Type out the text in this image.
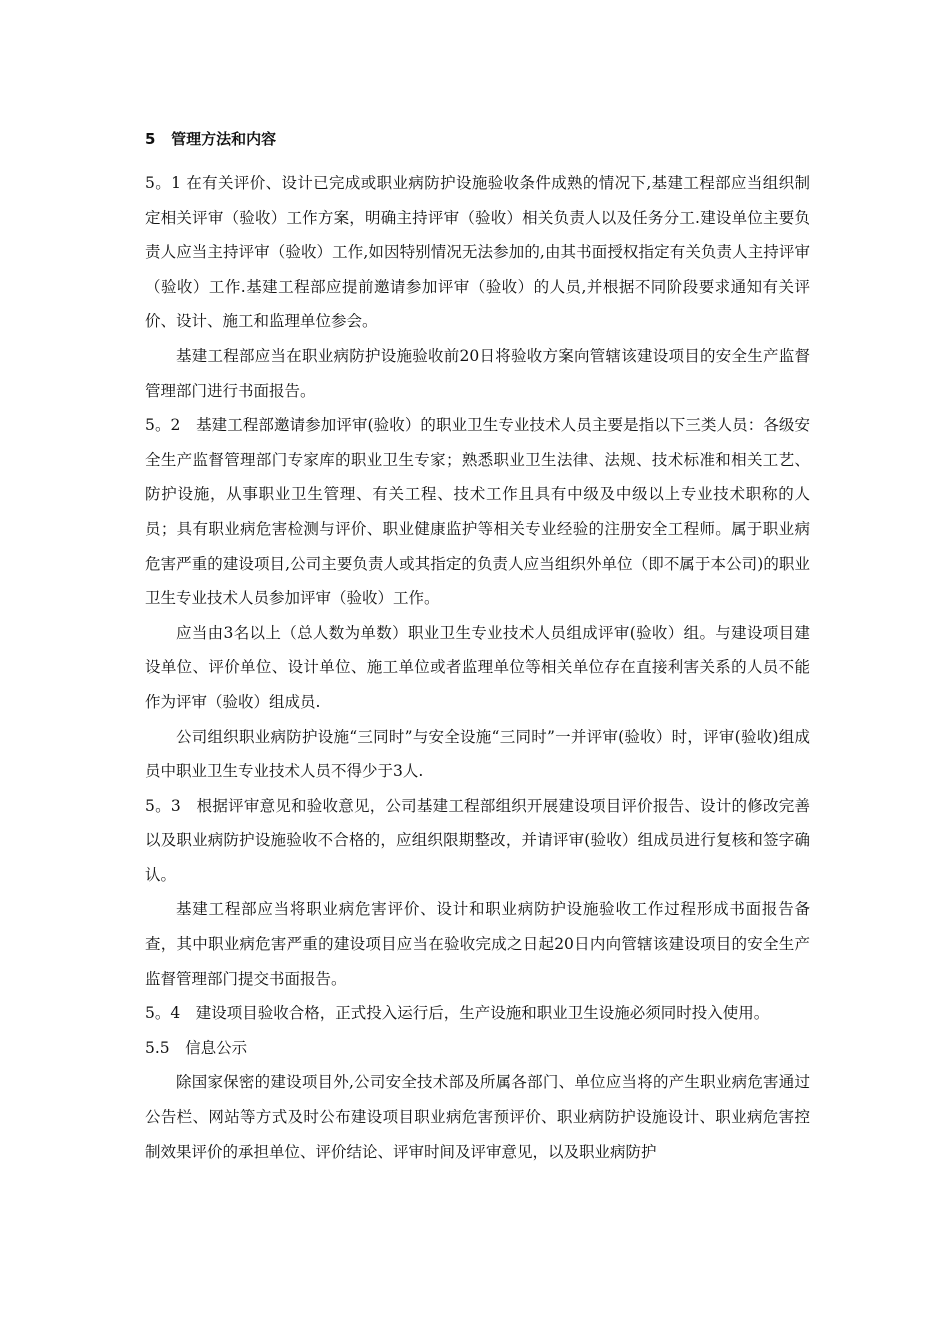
5 管理方法和内容

5。1 在有关评价、设计已完成或职业病防护设施验收条件成熟的情况下,基建工程部应当组织制定相关评审（验收）工作方案，明确主持评审（验收）相关负责人以及任务分工.建设单位主要负责人应当主持评审（验收）工作,如因特别情况无法参加的,由其书面授权指定有关负责人主持评审（验收）工作.基建工程部应提前邀请参加评审（验收）的人员,并根据不同阶段要求通知有关评价、设计、施工和监理单位参会。

基建工程部应当在职业病防护设施验收前20日将验收方案向管辖该建设项目的安全生产监督管理部门进行书面报告。

5。2　基建工程部邀请参加评审(验收）的职业卫生专业技术人员主要是指以下三类人员：各级安全生产监督管理部门专家库的职业卫生专家；熟悉职业卫生法律、法规、技术标准和相关工艺、防护设施，从事职业卫生管理、有关工程、技术工作且具有中级及中级以上专业技术职称的人员；具有职业病危害检测与评价、职业健康监护等相关专业经验的注册安全工程师。属于职业病危害严重的建设项目,公司主要负责人或其指定的负责人应当组织外单位（即不属于本公司)的职业卫生专业技术人员参加评审（验收）工作。

应当由3名以上（总人数为单数）职业卫生专业技术人员组成评审(验收）组。与建设项目建设单位、评价单位、设计单位、施工单位或者监理单位等相关单位存在直接利害关系的人员不能作为评审（验收）组成员.

公司组织职业病防护设施“三同时”与安全设施“三同时”一并评审(验收）时，评审(验收)组成员中职业卫生专业技术人员不得少于3人.

5。3　根据评审意见和验收意见，公司基建工程部组织开展建设项目评价报告、设计的修改完善以及职业病防护设施验收不合格的，应组织限期整改，并请评审(验收）组成员进行复核和签字确认。

基建工程部应当将职业病危害评价、设计和职业病防护设施验收工作过程形成书面报告备查，其中职业病危害严重的建设项目应当在验收完成之日起20日内向管辖该建设项目的安全生产监督管理部门提交书面报告。

5。4　建设项目验收合格，正式投入运行后，生产设施和职业卫生设施必须同时投入使用。

5.5　信息公示

除国家保密的建设项目外,公司安全技术部及所属各部门、单位应当将的产生职业病危害通过公告栏、网站等方式及时公布建设项目职业病危害预评价、职业病防护设施设计、职业病危害控制效果评价的承担单位、评价结论、评审时间及评审意见，以及职业病防护
